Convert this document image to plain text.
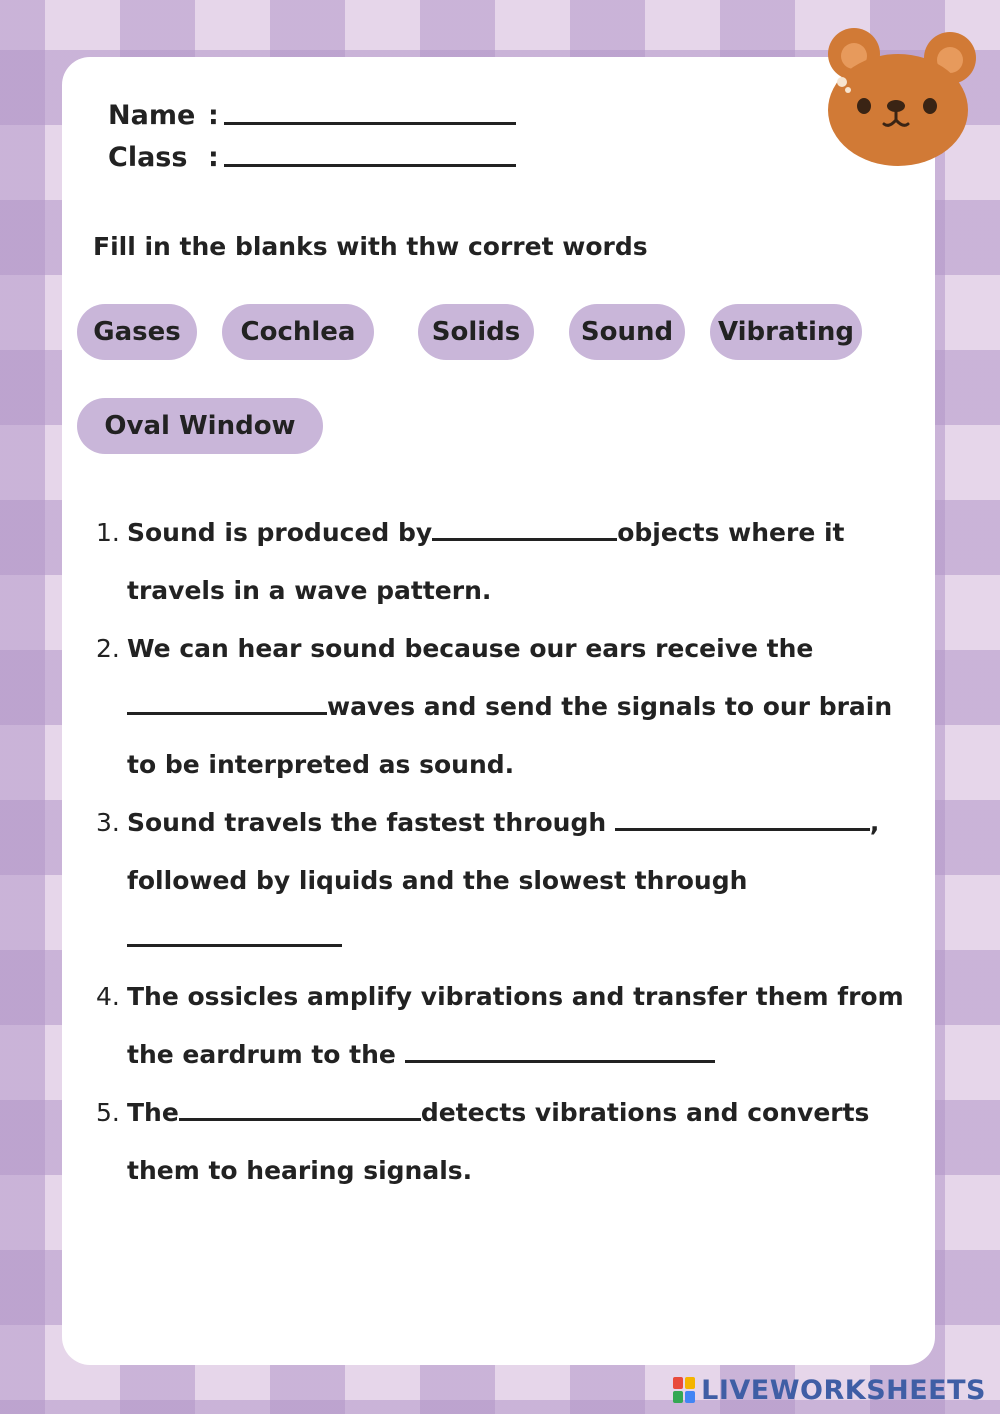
Name :
Class :
Fill in the blanks with thw corret words
Gases	Cochlea	Solids	Sound	Vibrating
Oval Window
1. Sound is produced by	objects where it travels in a wave pattern.
2. We can hear sound because our ears receive thewaves and send the signals to our brain to be interpreted as sound.
3. Sound travels the fastest through	, followed by liquids and the slowest through
4. The ossicles amplify vibrations and transfer them from the eardrum to the
5. The	detects vibrations and converts them to hearing signals.
LIVEWORKSHEETS
